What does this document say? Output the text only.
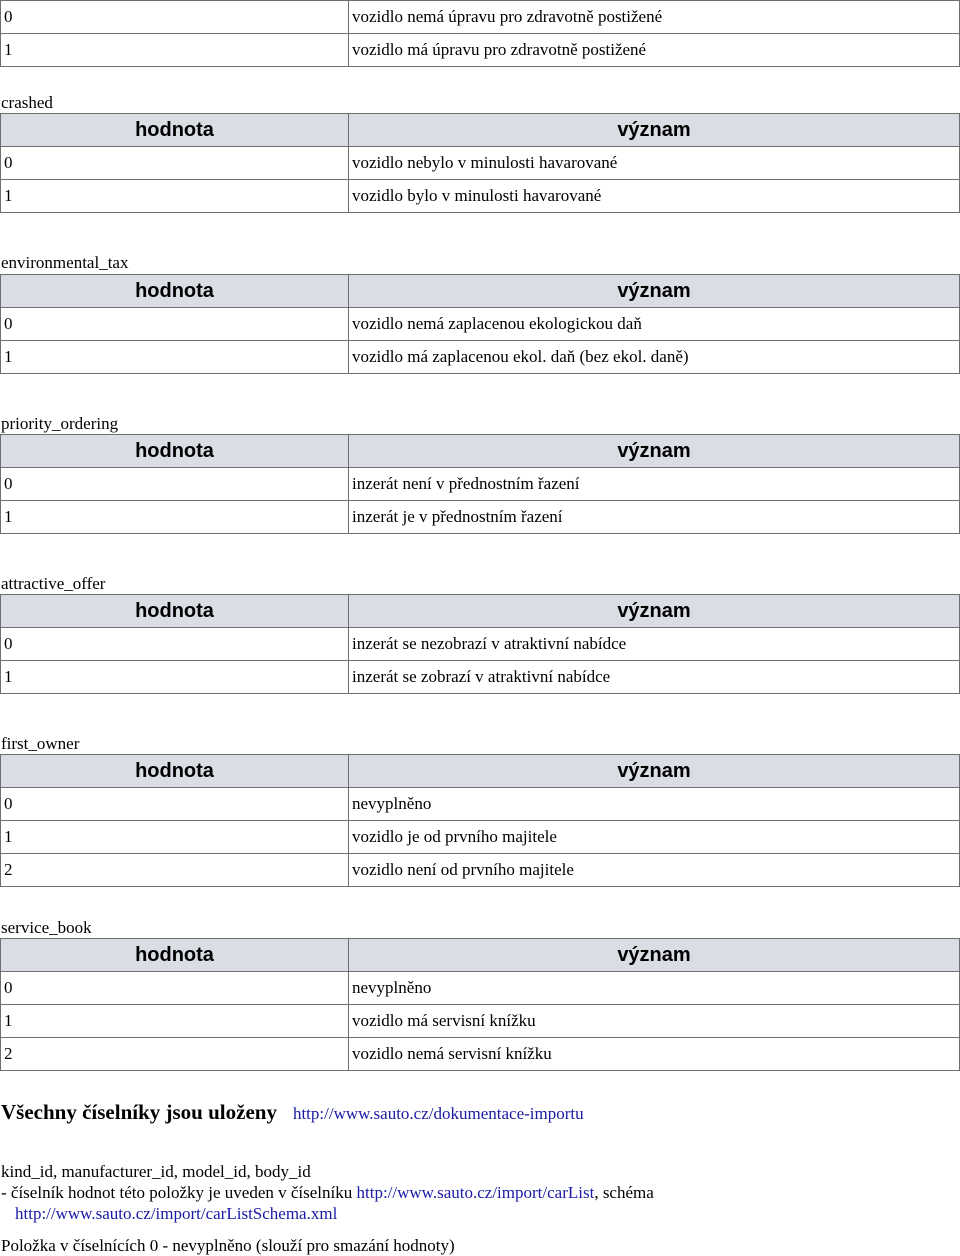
0	vozidlo nemá úpravu pro zdravotně postižené
1	vozidlo má úpravu pro zdravotně postižené
crashed
hodnota	význam
0	vozidlo nebylo v minulosti havarované
1	vozidlo bylo v minulosti havarované
environmental_tax
hodnota	význam
0	vozidlo nemá zaplacenou ekologickou daň
1	vozidlo má zaplacenou ekol. daň (bez ekol. daně)
priority_ordering
hodnota	význam
0	inzerát není v přednostním řazení
1	inzerát je v přednostním řazení
attractive_offer
hodnota	význam
0	inzerát se nezobrazí v atraktivní nabídce
1	inzerát se zobrazí v atraktivní nabídce
first_owner
hodnota	význam
0	nevyplněno
1	vozidlo je od prvního majitele
2	vozidlo není od prvního majitele
service_book
hodnota	význam
0	nevyplněno
1	vozidlo má servisní knížku
2	vozidlo nemá servisní knížku
Všechny číselníky jsou uloženy http://www.sauto.cz/dokumentace-importu
kind_id, manufacturer_id, model_id, body_id
- číselník hodnot této položky je uveden v číselníku http://www.sauto.cz/import/carList, schéma
http://www.sauto.cz/import/carListSchema.xml
Položka v číselnících 0 - nevyplněno (slouží pro smazání hodnoty)
